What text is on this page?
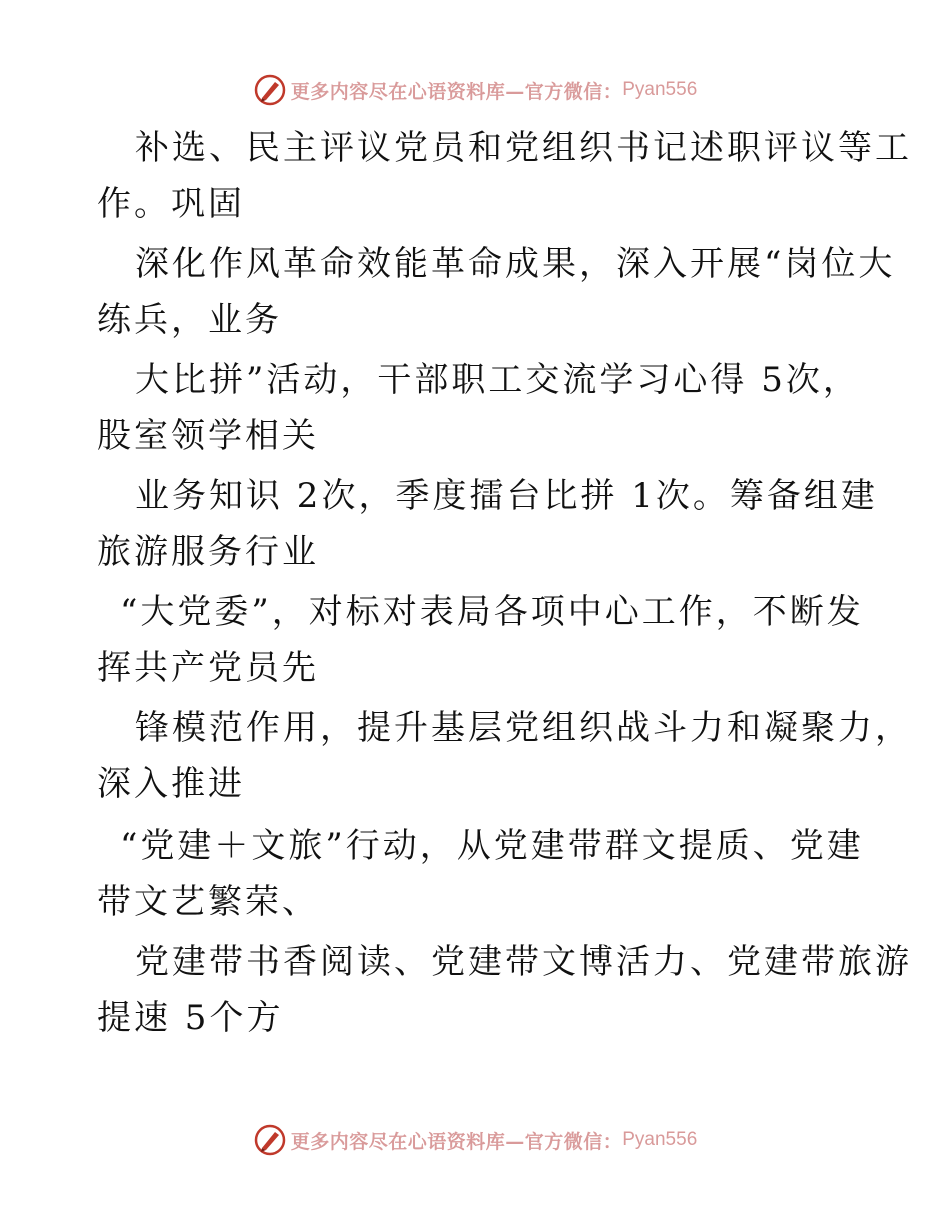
更多内容尽在心语资料库—官方微信： Pyan556
补选、民主评议党员和党组织书记述职评议等工
作。巩固
深化作风革命效能革命成果，深入开展“岗位大
练兵，业务
大比拼”活动，干部职工交流学习心得 5次，
股室领学相关
业务知识 2次，季度擂台比拼 1次。筹备组建
旅游服务行业
“大党委”，对标对表局各项中心工作，不断发
挥共产党员先
锋模范作用，提升基层党组织战斗力和凝聚力，
深入推进
“党建＋文旅”行动，从党建带群文提质、党建
带文艺繁荣、
党建带书香阅读、党建带文博活力、党建带旅游
提速 5个方
更多内容尽在心语资料库—官方微信： Pyan556
